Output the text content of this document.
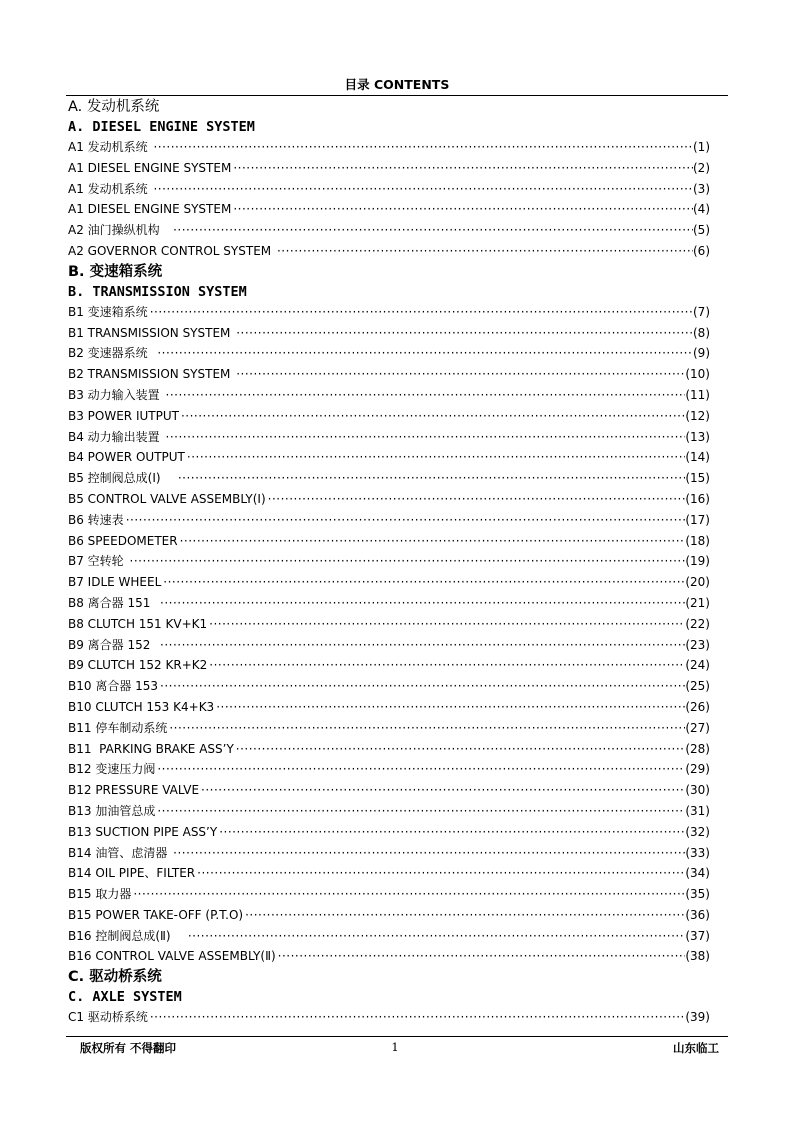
目录 CONTENTS
A. 发动机系统
A. DIESEL ENGINE SYSTEM
A1 发动机系统 ·····	(1)
A1 DIESEL ENGINE SYSTEM ·····	(2)
A1 发动机系统 ·····	(3)
A1 DIESEL ENGINE SYSTEM ·····	(4)
A2 油门操纵机构 ·····	(5)
A2 GOVERNOR CONTROL SYSTEM ·····	(6)
B. 变速箱系统
B. TRANSMISSION SYSTEM
B1 变速箱系统 ·····	(7)
B1 TRANSMISSION SYSTEM ·····	(8)
B2 变速器系统 ·····	(9)
B2 TRANSMISSION SYSTEM ·····	(10)
B3 动力输入装置 ·····	(11)
B3 POWER IUTPUT ·····	(12)
B4 动力输出装置 ·····	(13)
B4 POWER OUTPUT ·····	(14)
B5 控制阀总成(Ⅰ) ·····	(15)
B5 CONTROL VALVE ASSEMBLY(Ⅰ) ·····	(16)
B6 转速表 ·····	(17)
B6 SPEEDOMETER ·····	(18)
B7 空转轮 ·····	(19)
B7 IDLE WHEEL ·····	(20)
B8 离合器 151 ·····	(21)
B8 CLUTCH 151 KV+K1 ·····	(22)
B9 离合器 152 ·····	(23)
B9 CLUTCH 152 KR+K2 ·····	(24)
B10 离合器 153 ·····	(25)
B10 CLUTCH 153 K4+K3 ·····	(26)
B11 停车制动系统 ·····	(27)
B11  PARKING BRAKE ASS’Y ·····	(28)
B12 变速压力阀 ·····	(29)
B12 PRESSURE VALVE ·····	(30)
B13 加油管总成 ·····	(31)
B13 SUCTION PIPE ASS’Y ·····	(32)
B14 油管、虑清器 ·····	(33)
B14 OIL PIPE、FILTER ·····	(34)
B15 取力器 ·····	(35)
B15 POWER TAKE-OFF (P.T.O) ·····	(36)
B16 控制阀总成(Ⅱ) ·····	(37)
B16 CONTROL VALVE ASSEMBLY(Ⅱ) ·····	(38)
C. 驱动桥系统
C. AXLE SYSTEM
C1 驱动桥系统 ·····	(39)
版权所有 不得翻印	1	山东临工
